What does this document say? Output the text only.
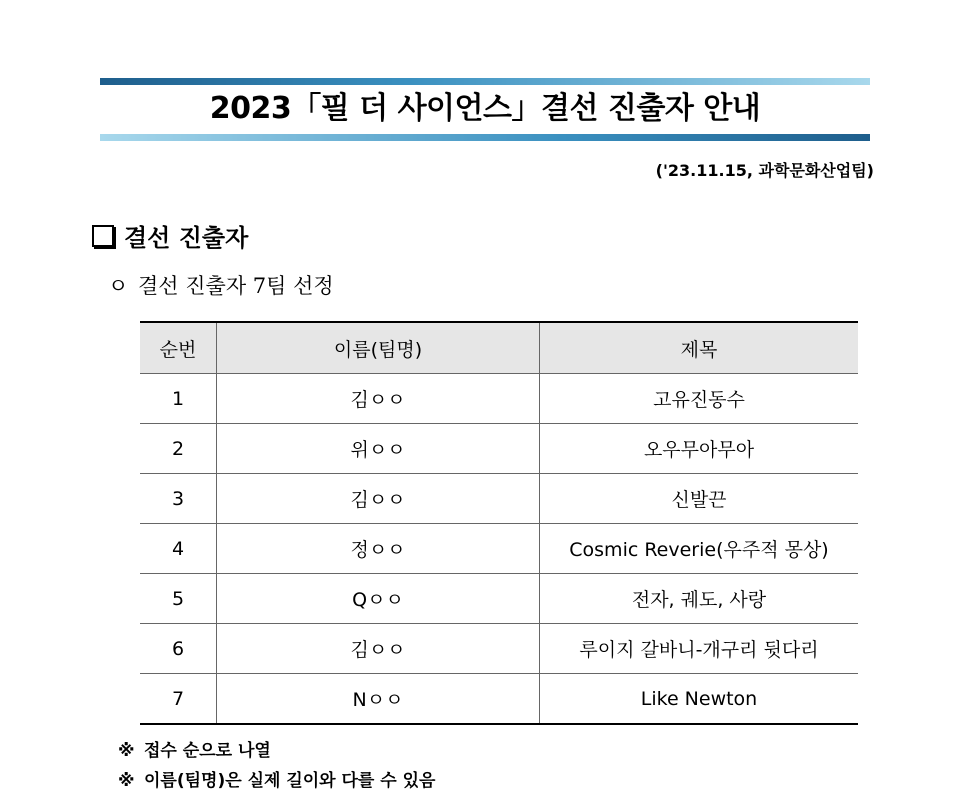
2023「필 더 사이언스」결선 진출자 안내
('23.11.15, 과학문화산업팀)
결선 진출자
ㅇ 결선 진출자 7팀 선정
순번	이름(팀명)	제목
1	김ㅇㅇ	고유진동수
2	위ㅇㅇ	오우무아무아
3	김ㅇㅇ	신발끈
4	정ㅇㅇ	Cosmic Reverie(우주적 몽상)
5	Qㅇㅇ	전자, 궤도, 사랑
6	김ㅇㅇ	루이지 갈바니-개구리 뒷다리
7	Nㅇㅇ	Like Newton
※ 접수 순으로 나열
※ 이름(팀명)은 실제 길이와 다를 수 있음
